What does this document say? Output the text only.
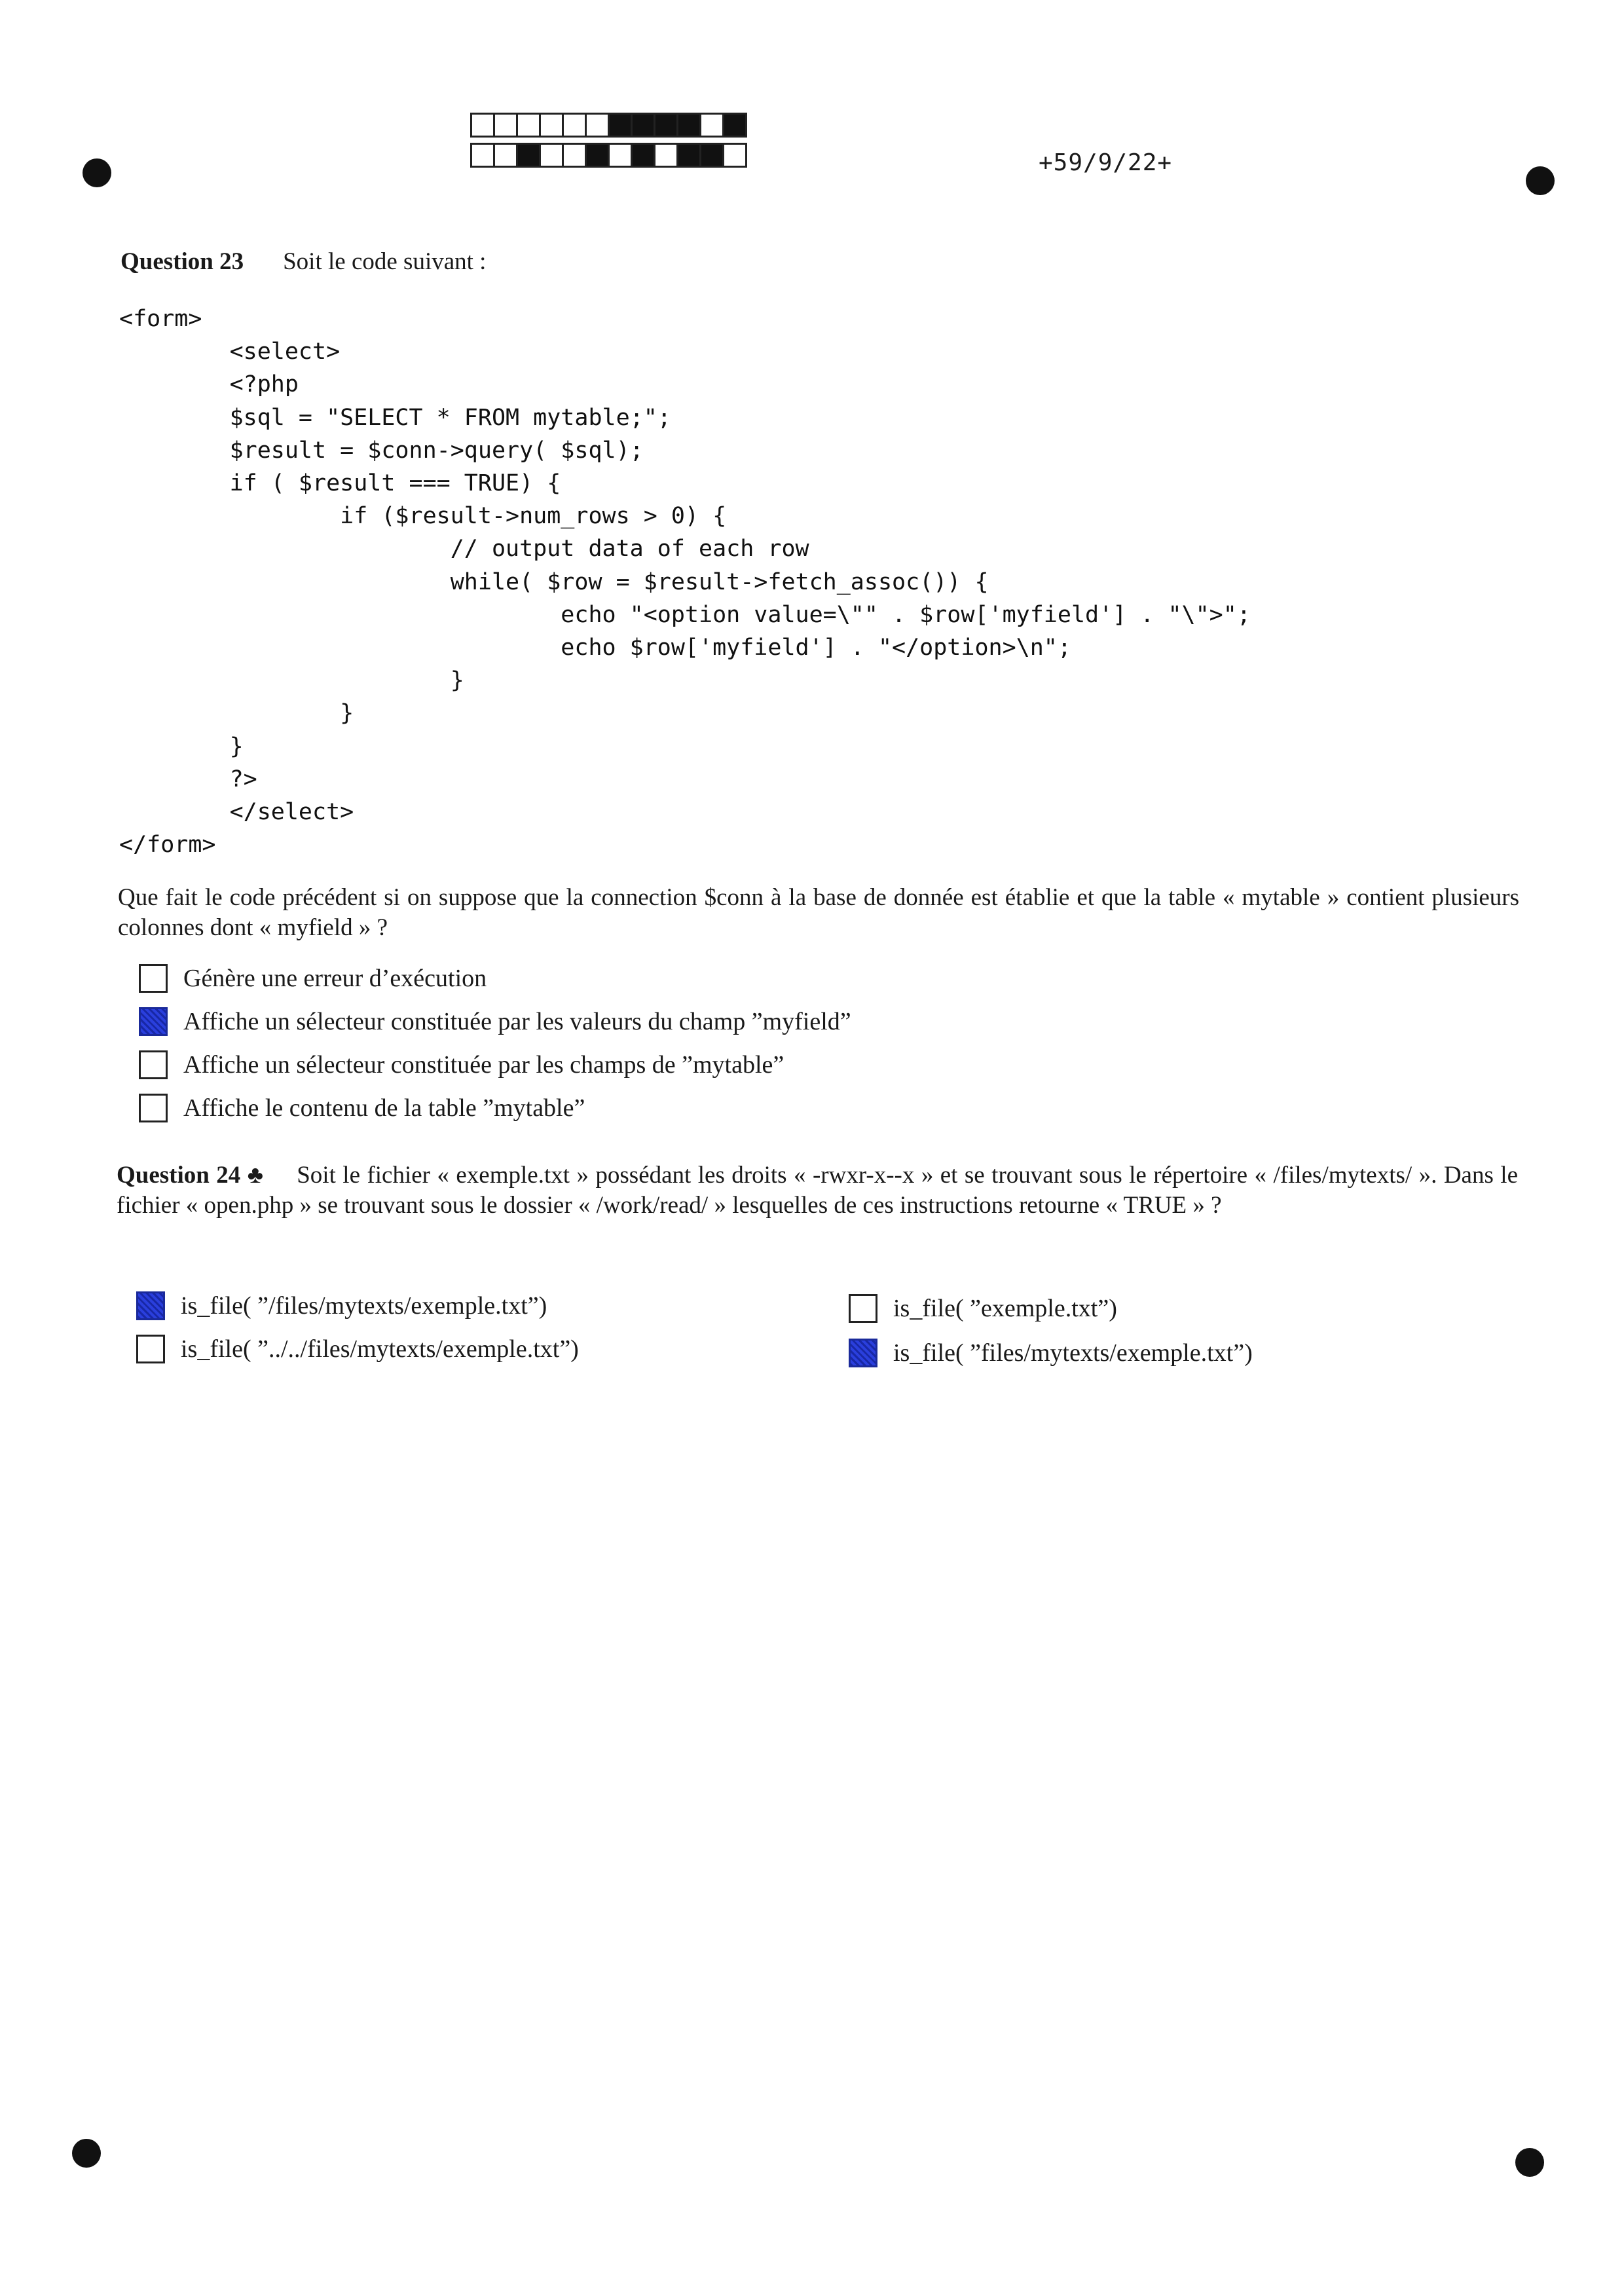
+59/9/22+
Question 23 Soit le code suivant :
<form>
<select>
<?php
$sql = "SELECT * FROM mytable;";
$result = $conn->query( $sql);
if ( $result === TRUE) {
if ($result->num_rows > 0) {
// output data of each row
while( $row = $result->fetch_assoc()) {
echo "<option value=\"" . $row['myfield'] . "\">";
echo $row['myfield'] . "</option>\n";
}
}
}
?>
</select>
</form>
Que fait le code précédent si on suppose que la connection $conn à la base de donnée est établie et que la table « mytable » contient plusieurs colonnes dont « myfield » ?
Génère une erreur d’exécution
Affiche un sélecteur constituée par les valeurs du champ ”myfield”
Affiche un sélecteur constituée par les champs de ”mytable”
Affiche le contenu de la table ”mytable”
Question 24 ♣ Soit le fichier « exemple.txt » possédant les droits « -rwxr-x--x » et se trouvant sous le répertoire « /files/mytexts/ ». Dans le fichier « open.php » se trouvant sous le dossier « /work/read/ » lesquelles de ces instructions retourne « TRUE » ?
is_file( ”/files/mytexts/exemple.txt”)
is_file( ”../../files/mytexts/exemple.txt”)
is_file( ”exemple.txt”)
is_file( ”files/mytexts/exemple.txt”)
